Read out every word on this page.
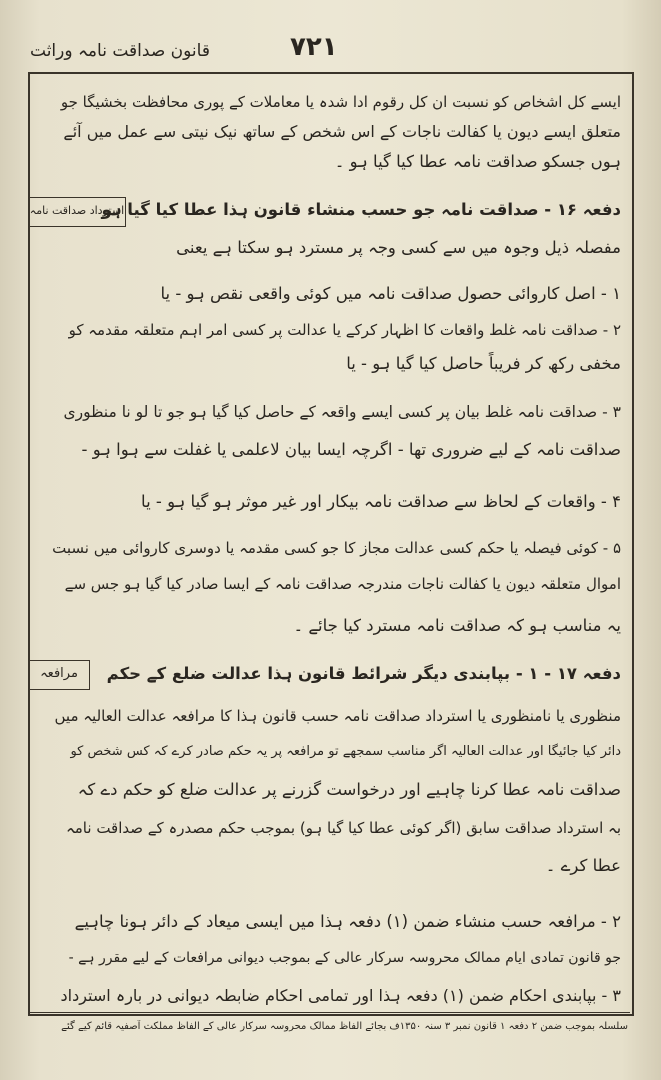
قانون صداقت نامہ وراثت	۷۲۱
ایسے کل اشخاص کو نسبت ان کل رقوم ادا شدہ یا معاملات کے پوری محافظت بخشیگا جو
متعلق ایسے دیون یا کفالت ناجات کے اس شخص کے ساتھ نیک نیتی سے عمل میں آئے
ہوں جسکو صداقت نامہ عطا کیا گیا ہو ۔
استرداد صداقت نامہ
دفعہ ۱۶ - صداقت نامہ جو حسب منشاء قانون ہذا عطا کیا گیا ہو
مفصلہ ذیل وجوہ میں سے کسی وجہ پر مسترد ہو سکتا ہے یعنی
۱ - اصل کاروائی حصول صداقت نامہ میں کوئی واقعی نقص ہو - یا
۲ - صداقت نامہ غلط واقعات کا اظہار کرکے یا عدالت پر کسی امر اہم متعلقہ مقدمہ کو
مخفی رکھ کر فریباً حاصل کیا گیا ہو - یا
۳ - صداقت نامہ غلط بیان پر کسی ایسے واقعہ کے حاصل کیا گیا ہو جو تا لو نا منظوری
صداقت نامہ کے لیے ضروری تھا - اگرچہ ایسا بیان لاعلمی یا غفلت سے ہوا ہو -
۴ - واقعات کے لحاظ سے صداقت نامہ بیکار اور غیر موثر ہو گیا ہو - یا
۵ - کوئی فیصلہ یا حکم کسی عدالت مجاز کا جو کسی مقدمہ یا دوسری کاروائی میں نسبت
اموال متعلقہ دیون یا کفالت ناجات مندرجہ صداقت نامہ کے ایسا صادر کیا گیا ہو جس سے
یہ مناسب ہو کہ صداقت نامہ مسترد کیا جائے ۔
مرافعہ	دفعہ ۱۷ - ۱ - بپابندی دیگر شرائط قانون ہذا عدالت ضلع کے حکم
منظوری یا نامنظوری یا استرداد صداقت نامہ حسب قانون ہذا کا مرافعہ عدالت العالیہ میں
دائر کیا جائیگا اور عدالت العالیہ اگر مناسب سمجھے تو مرافعہ پر یہ حکم صادر کرے کہ کس شخص کو
صداقت نامہ عطا کرنا چاہیے اور درخواست گزرنے پر عدالت ضلع کو حکم دے کہ
بہ استرداد صداقت سابق (اگر کوئی عطا کیا گیا ہو) بموجب حکم مصدرہ کے صداقت نامہ
عطا کرے ۔
۲ - مرافعہ حسب منشاء ضمن (۱) دفعہ ہذا میں ایسی میعاد کے دائر ہونا چاہیے
جو قانون تمادی ایام ممالک محروسہ سرکار عالی کے بموجب دیوانی مرافعات کے لیے مقرر ہے -
۳ - بپابندی احکام ضمن (۱) دفعہ ہذا اور تمامی احکام ضابطہ دیوانی در بارہ استرداد
سلسلہ بموجب ضمن ۲ دفعہ ۱ قانون نمبر ۳ سنہ ۱۳۵۰ف بجائے الفاظ ممالک محروسہ سرکار عالی کے الفاظ مملکت آصفیہ قائم کیے گئے
